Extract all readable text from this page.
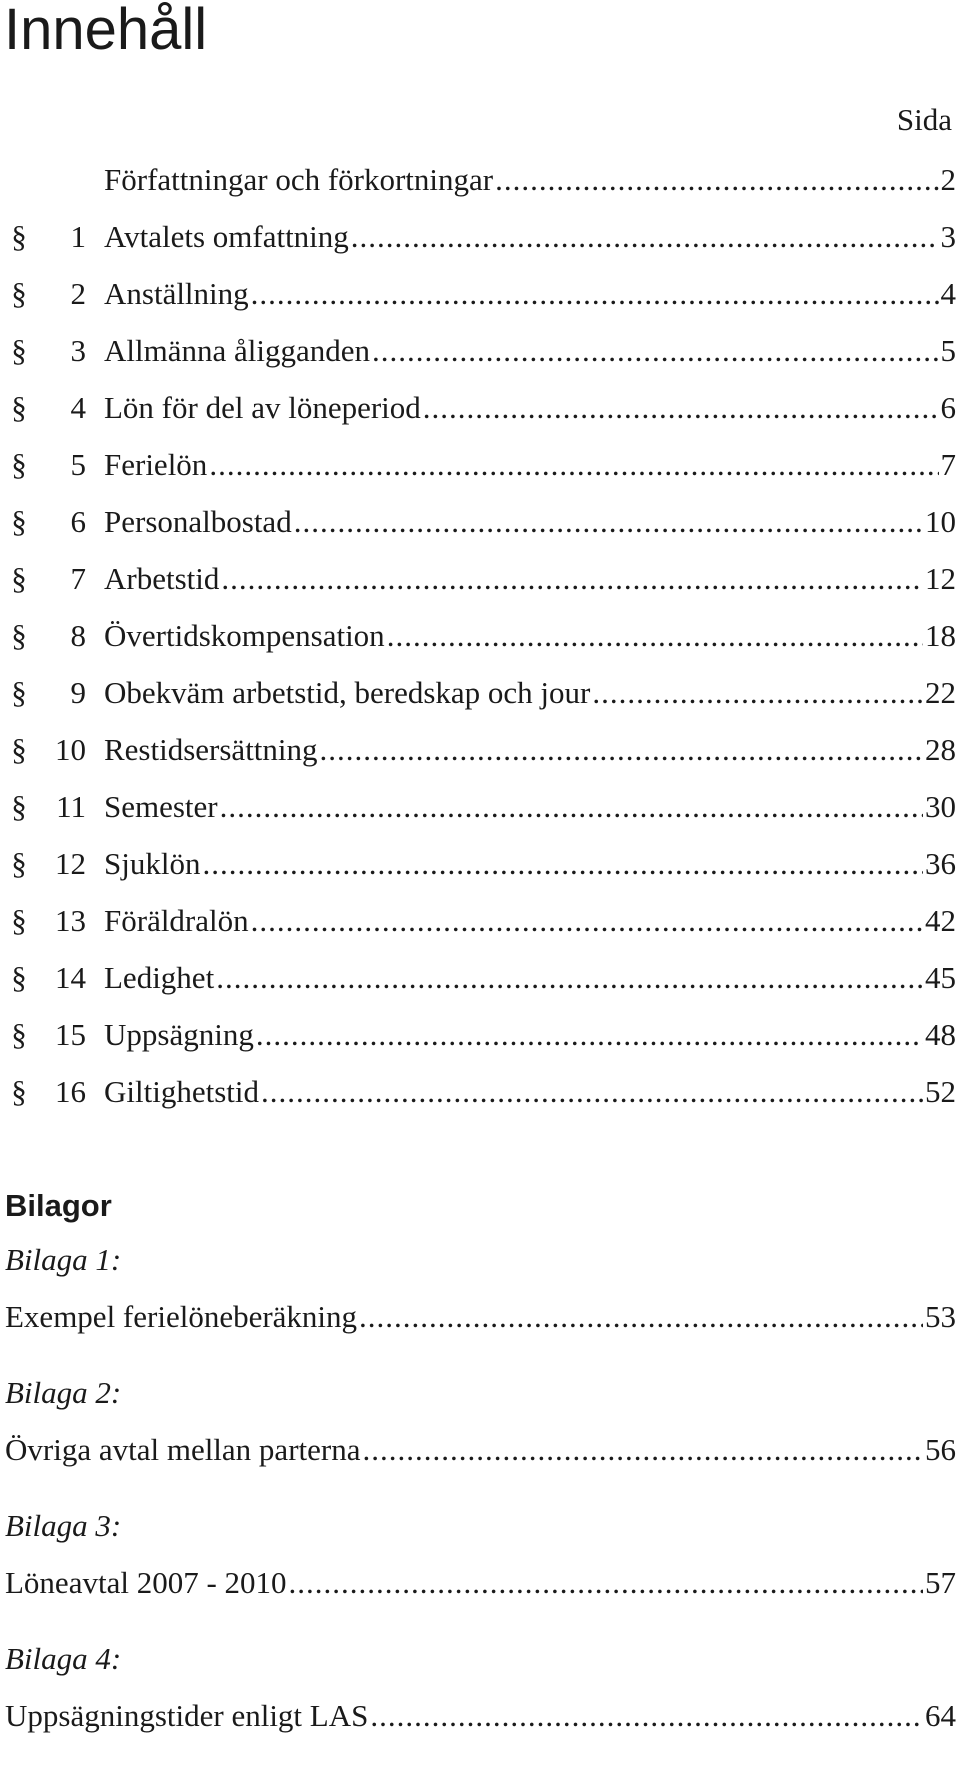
Innehåll
Sida
Författningar och förkortningar .....	2
§	1 Avtalets omfattning .....	3
§	2 Anställning .....	4
§	3 Allmänna åligganden .....	5
§	4 Lön för del av löneperiod .....	6
§	5 Ferielön .....	7
§	6 Personalbostad .....	10
§	7 Arbetstid .....	12
§	8 Övertidskompensation .....	18
§	9 Obekväm arbetstid, beredskap och jour .....	22
§ 10 Restidsersättning .....	28
§ 11 Semester .....	30
§ 12 Sjuklön .....	36
§ 13 Föräldralön .....	42
§ 14 Ledighet .....	45
§ 15 Uppsägning .....	48
§ 16 Giltighetstid .....	52
Bilagor
Bilaga 1:
Exempel ferielöneberäkning .....	53
Bilaga 2:
Övriga avtal mellan parterna .....	56
Bilaga 3:
Löneavtal 2007 - 2010 .....	57
Bilaga 4:
Uppsägningstider enligt LAS .....	64
